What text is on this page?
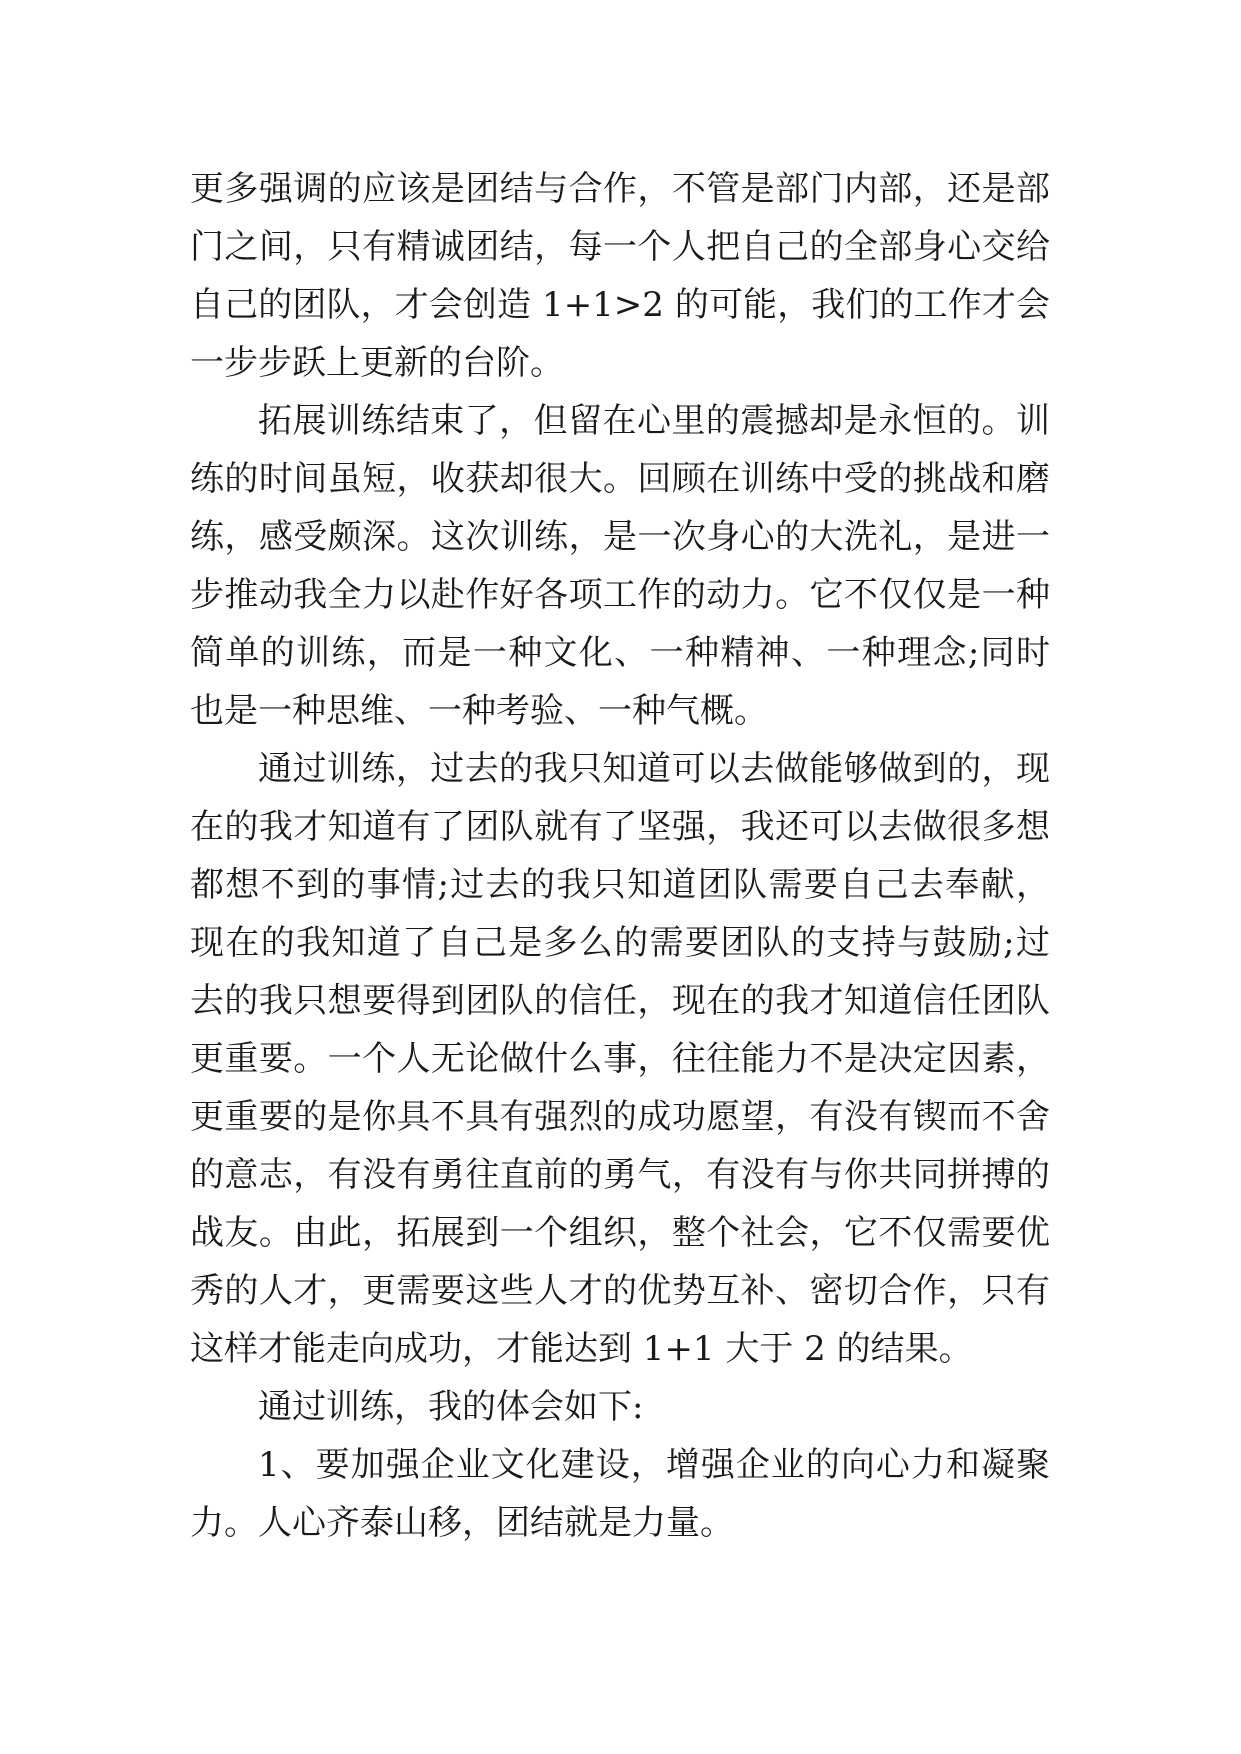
更多强调的应该是团结与合作，不管是部门内部，还是部门之间，只有精诚团结，每一个人把自己的全部身心交给自己的团队，才会创造 1+1>2 的可能，我们的工作才会一步步跃上更新的台阶。

拓展训练结束了，但留在心里的震撼却是永恒的。训练的时间虽短，收获却很大。回顾在训练中受的挑战和磨练，感受颇深。这次训练，是一次身心的大洗礼，是进一步推动我全力以赴作好各项工作的动力。它不仅仅是一种简单的训练，而是一种文化、一种精神、一种理念;同时也是一种思维、一种考验、一种气概。

通过训练，过去的我只知道可以去做能够做到的，现在的我才知道有了团队就有了坚强，我还可以去做很多想都想不到的事情;过去的我只知道团队需要自己去奉献，现在的我知道了自己是多么的需要团队的支持与鼓励;过去的我只想要得到团队的信任，现在的我才知道信任团队更重要。一个人无论做什么事，往往能力不是决定因素，更重要的是你具不具有强烈的成功愿望，有没有锲而不舍的意志，有没有勇往直前的勇气，有没有与你共同拼搏的战友。由此，拓展到一个组织，整个社会，它不仅需要优秀的人才，更需要这些人才的优势互补、密切合作，只有这样才能走向成功，才能达到 1+1 大于 2 的结果。

通过训练，我的体会如下:

1、要加强企业文化建设，增强企业的向心力和凝聚力。人心齐泰山移，团结就是力量。
